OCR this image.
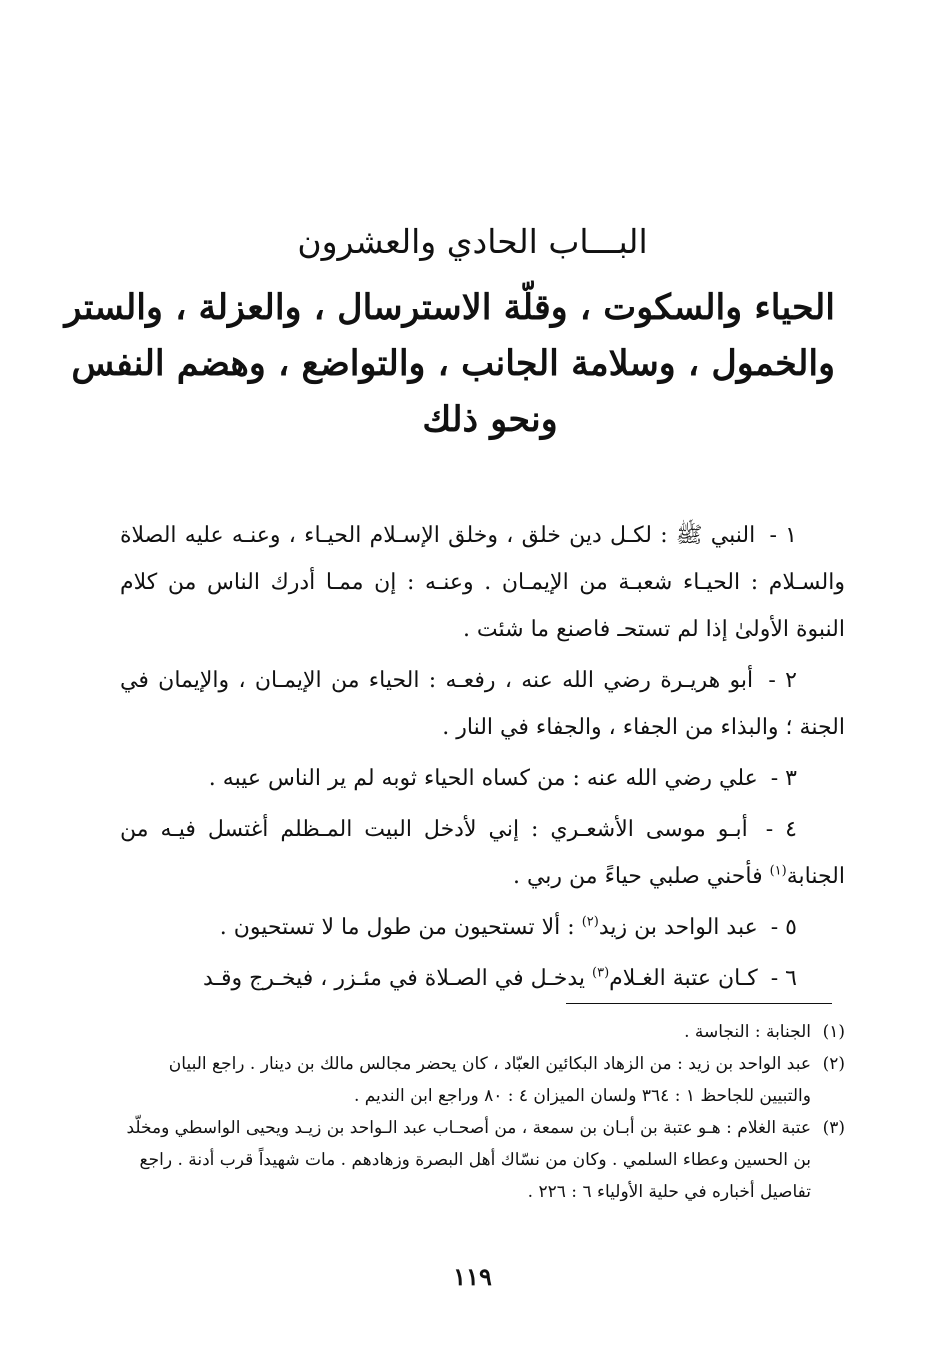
البـــاب الحادي والعشرون
الحياء والسكوت ، وقلّة الاسترسال ، والعزلة ، والستر
والخمول ، وسلامة الجانب ، والتواضع ، وهضم النفس
ونحو ذلك

١ - النبي ﷺ : لكـل دين خلق ، وخلق الإسـلام الحيـاء ، وعنـه عليه الصلاة والسـلام : الحيـاء شعبـة من الإيمـان . وعنـه : إن ممـا أدرك الناس من كلام النبوة الأولىٰ إذا لم تستحـ فاصنع ما شئت .

٢ - أبو هريـرة رضي الله عنه ، رفعـه : الحياء من الإيمـان ، والإيمان في الجنة ؛ والبذاء من الجفاء ، والجفاء في النار .

٣ - علي رضي الله عنه : من كساه الحياء ثوبه لم ير الناس عيبه .

٤ - أبـو موسى الأشعـري : إني لأدخل البيت المـظلم أغتسل فيـه من الجنابة$^{(١)}$ فأحني صلبي حياءً من ربي .

٥ - عبد الواحد بن زيد$^{(٢)}$ : ألا تستحيون من طول ما لا تستحيون .

٦ - كـان عتبة الغـلام$^{(٣)}$ يدخـل في الصـلاة في مئـزر ، فيخـرج وقـد

(١)الجنابة : النجاسة .

(٢)عبد الواحد بن زيد : من الزهاد البكائين العبّاد ، كان يحضر مجالس مالك بن دينار . راجع البيان والتبيين للجاحظ ١ : ٣٦٤ ولسان الميزان ٤ : ٨٠ وراجع ابن النديم .

(٣)عتبة الغلام : هـو عتبة بن أبـان بن سمعة ، من أصحـاب عبد الـواحد بن زيـد ويحيى الواسطي ومخلّد بن الحسين وعطاء السلمي . وكان من نسّاك أهل البصرة وزهادهم . مات شهيداً قرب أدنة . راجع تفاصيل أخباره في حلية الأولياء ٦ : ٢٢٦ .

١١٩
